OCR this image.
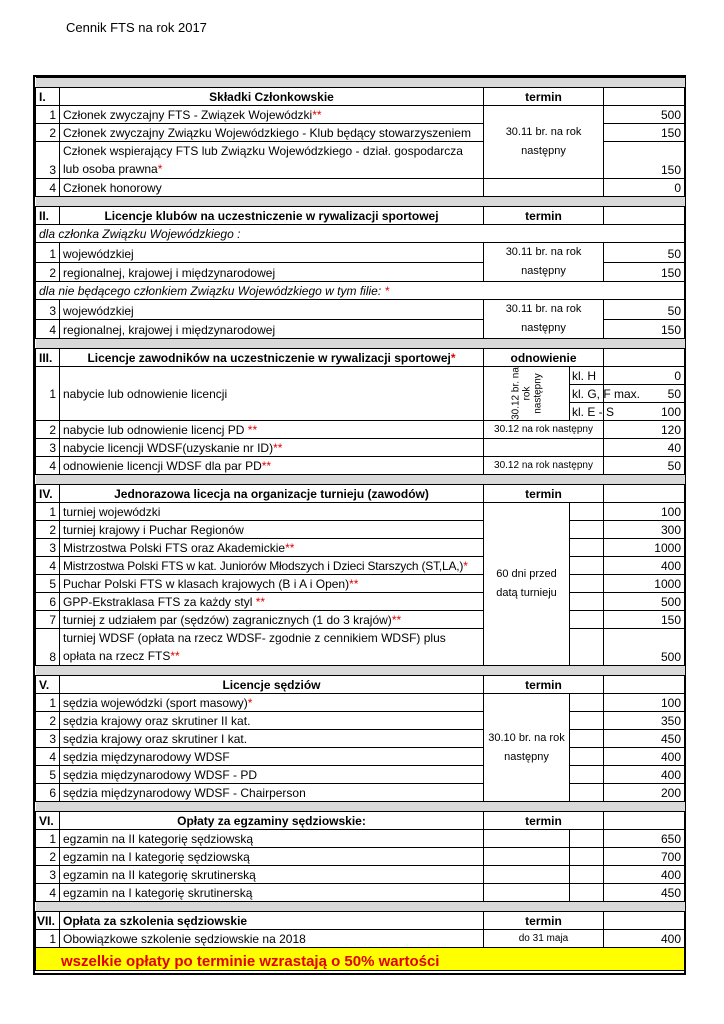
Cennik FTS na rok 2017

I.	Składki Członkowskie	termin		
1	Członek zwyczajny FTS - Związek Wojewódzki**	30.11 br. na rok następny		500
2	Członek zwyczajny Związku Wojewódzkiego - Klub będący stowarzyszeniem			150
3	Członek wspierający FTS lub Związku Wojewódzkiego - dział. gospodarcza lub osoba prawna*			150
4	Członek honorowy			0

II.	Licencje klubów na uczestniczenie w rywalizacji sportowej	termin		
dla członka Związku Wojewódzkiego :				
1	wojewódzkiej	30.11 br. na rok następny		50
2	regionalnej, krajowej i międzynarodowej			150
dla nie będącego członkiem Związku Wojewódzkiego w tym filie: *				
3	wojewódzkiej	30.11 br. na rok następny		50
4	regionalnej, krajowej i międzynarodowej			150

III.	Licencje zawodników na uczestniczenie w rywalizacji sportowej*	odnowienie		
1	nabycie lub odnowienie licencji	30.12 br. na rok następny	kl. H	0
			kl. G, F max.	50
			kl. E - S	100
2	nabycie lub odnowienie licencj PD **	30.12 na rok następny		120
3	nabycie licencji WDSF(uzyskanie nr ID)**			40
4	odnowienie licencji WDSF dla par PD**	30.12 na rok następny		50

IV.	Jednorazowa licecja na organizacje turnieju (zawodów)	termin		
1	turniej wojewódzki	60 dni przed datą turnieju		100
2	turniej krajowy i Puchar Regionów			300
3	Mistrzostwa Polski FTS oraz Akademickie**			1000
4	Mistrzostwa Polski FTS w kat. Juniorów Młodszych i Dzieci Starszych (ST,LA,)*			400
5	Puchar Polski FTS w klasach krajowych (B i A i Open)**			1000
6	GPP-Ekstraklasa FTS za każdy styl **			500
7	turniej z udziałem par (sędzów) zagranicznych (1 do 3 krajów)**			150
8	turniej WDSF (opłata na rzecz WDSF- zgodnie z cennikiem WDSF) plus opłata na rzecz FTS**			500

V.	Licencje sędziów	termin		
1	sędzia wojewódzki (sport masowy)*	30.10 br. na rok następny		100
2	sędzia krajowy oraz skrutiner II kat.			350
3	sędzia krajowy oraz skrutiner I kat.			450
4	sędzia międzynarodowy WDSF			400
5	sędzia międzynarodowy WDSF - PD			400
6	sędzia międzynarodowy WDSF - Chairperson			200

VI.	Opłaty za egzaminy sędziowskie:	termin		
1	egzamin na II kategorię sędziowską			650
2	egzamin na I kategorię sędziowską			700
3	egzamin na II kategorię skrutinerską			400
4	egzamin na I kategorię skrutinerską			450

VII.	Opłata za szkolenia sędziowskie	termin		
1	Obowiązkowe szkolenie sędziowskie na 2018	do 31 maja		400
wszelkie opłaty po terminie wzrastają o 50% wartości				
